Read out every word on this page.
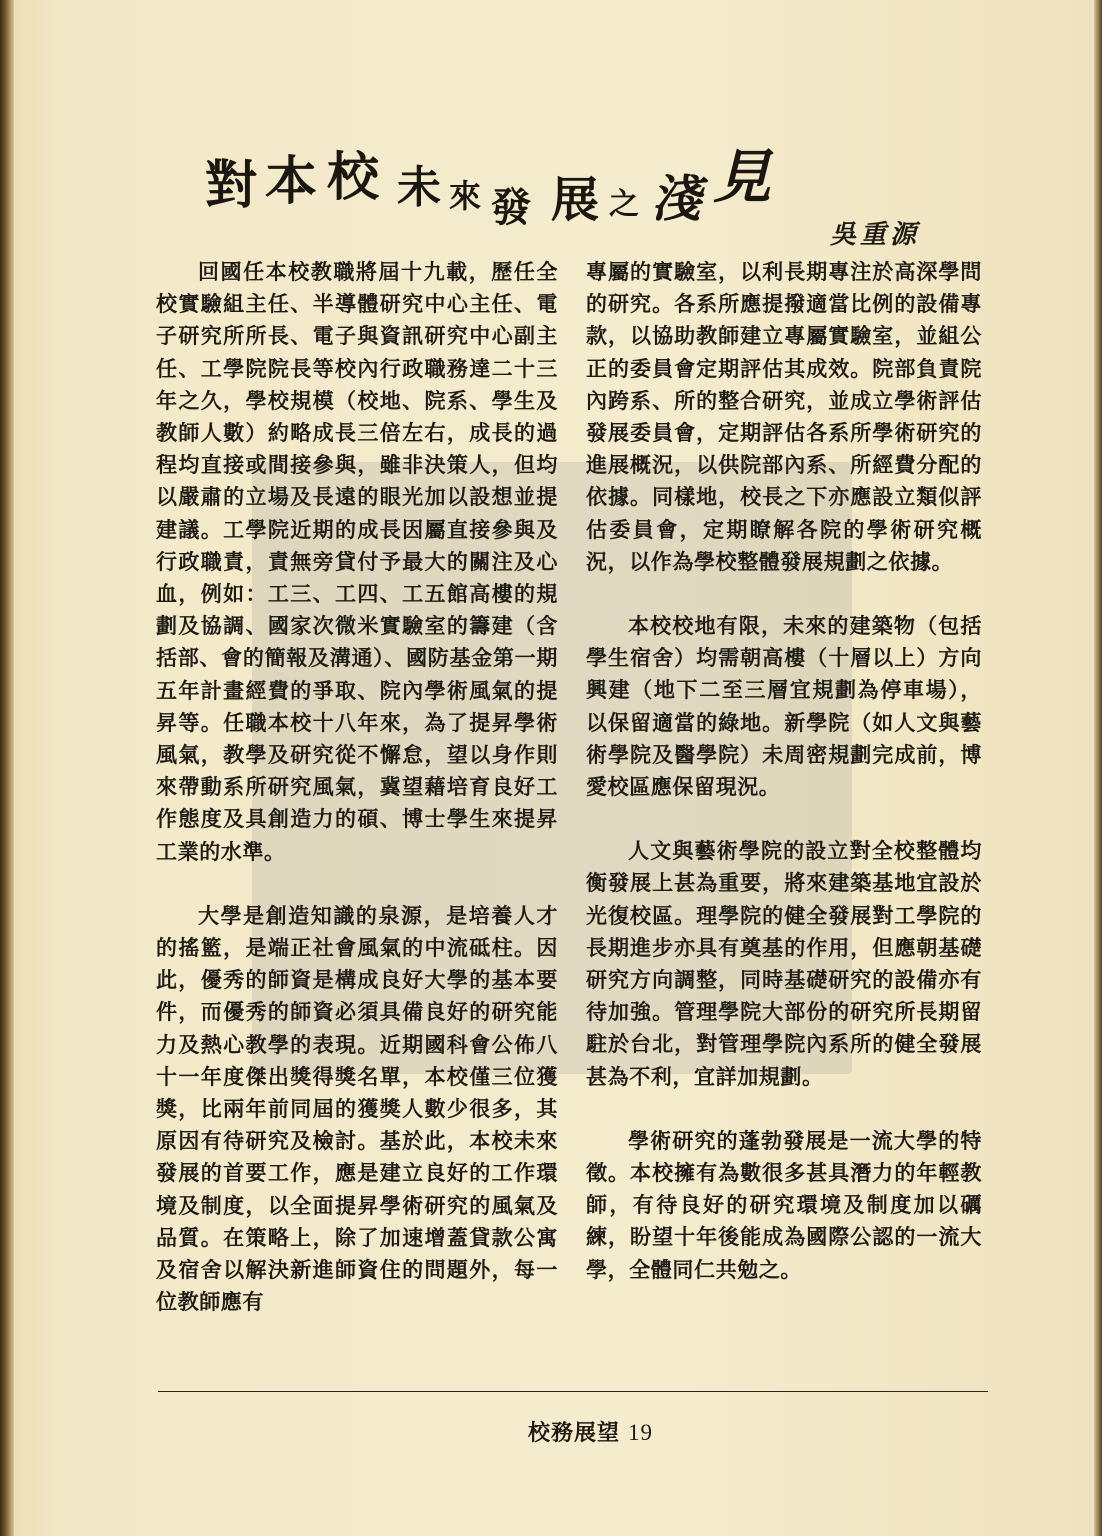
對 本 校 未 來 發 展 之 淺 見
吳重源

回國任本校教職將屆十九載，歷任全校實驗組主任、半導體研究中心主任、電子研究所所長、電子與資訊研究中心副主任、工學院院長等校內行政職務達二十三年之久，學校規模（校地、院系、學生及教師人數）約略成長三倍左右，成長的過程均直接或間接參與，雖非決策人，但均以嚴肅的立場及長遠的眼光加以設想並提建議。工學院近期的成長因屬直接參與及行政職責，責無旁貸付予最大的關注及心血，例如：工三、工四、工五館高樓的規劃及協調、國家次微米實驗室的籌建（含括部、會的簡報及溝通）、國防基金第一期五年計畫經費的爭取、院內學術風氣的提昇等。任職本校十八年來，為了提昇學術風氣，教學及研究從不懈怠，望以身作則來帶動系所研究風氣，冀望藉培育良好工作態度及具創造力的碩、博士學生來提昇工業的水準。

大學是創造知識的泉源，是培養人才的搖籃，是端正社會風氣的中流砥柱。因此，優秀的師資是構成良好大學的基本要件，而優秀的師資必須具備良好的研究能力及熱心教學的表現。近期國科會公佈八十一年度傑出獎得獎名單，本校僅三位獲獎，比兩年前同屆的獲獎人數少很多，其原因有待研究及檢討。基於此，本校未來發展的首要工作，應是建立良好的工作環境及制度，以全面提昇學術研究的風氣及品質。在策略上，除了加速增蓋貸款公寓及宿舍以解決新進師資住的問題外，每一位教師應有

專屬的實驗室，以利長期專注於高深學問的研究。各系所應提撥適當比例的設備專款，以協助教師建立專屬實驗室，並組公正的委員會定期評估其成效。院部負責院內跨系、所的整合研究，並成立學術評估發展委員會，定期評估各系所學術研究的進展概況，以供院部內系、所經費分配的依據。同樣地，校長之下亦應設立類似評估委員會，定期瞭解各院的學術研究概況，以作為學校整體發展規劃之依據。

本校校地有限，未來的建築物（包括學生宿舍）均需朝高樓（十層以上）方向興建（地下二至三層宜規劃為停車場），以保留適當的綠地。新學院（如人文與藝術學院及醫學院）未周密規劃完成前，博愛校區應保留現況。

人文與藝術學院的設立對全校整體均衡發展上甚為重要，將來建築基地宜設於光復校區。理學院的健全發展對工學院的長期進步亦具有奠基的作用，但應朝基礎研究方向調整，同時基礎研究的設備亦有待加強。管理學院大部份的研究所長期留駐於台北，對管理學院內系所的健全發展甚為不利，宜詳加規劃。

學術研究的蓬勃發展是一流大學的特徵。本校擁有為數很多甚具潛力的年輕教師，有待良好的研究環境及制度加以礪練，盼望十年後能成為國際公認的一流大學，全體同仁共勉之。

校務展望 19
